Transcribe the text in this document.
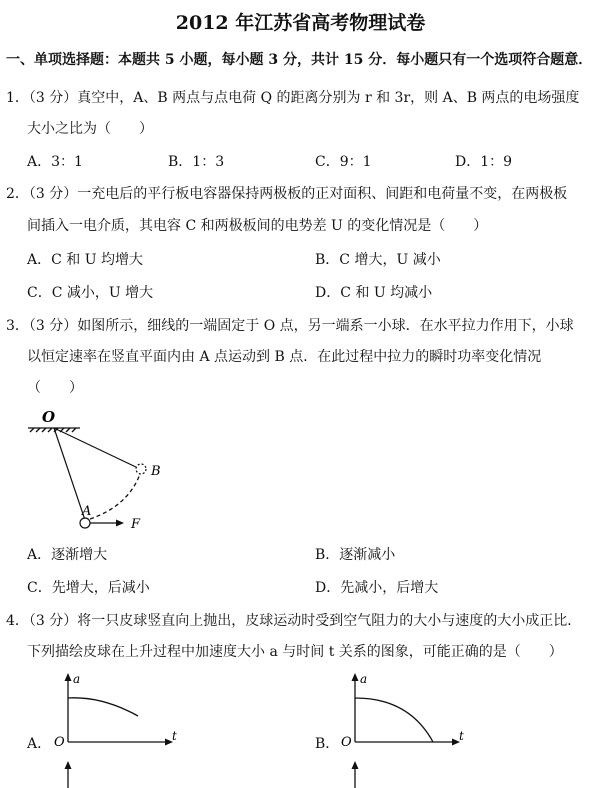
2012 年江苏省高考物理试卷
一、单项选择题：本题共 5 小题，每小题 3 分，共计 15 分．每小题只有一个选项符合题意．
1．（3 分）真空中，A、B 两点与点电荷 Q 的距离分别为 r 和 3r，则 A、B 两点的电场强度
大小之比为（　　）
A．3：1	B．1：3	C．9：1	D．1：9
2．（3 分）一充电后的平行板电容器保持两极板的正对面积、间距和电荷量不变，在两极板
间插入一电介质，其电容 C 和两极板间的电势差 U 的变化情况是（　　）
A．C 和 U 均增大	B．C 增大，U 减小
C．C 减小，U 增大	D．C 和 U 均减小
3．（3 分）如图所示，细线的一端固定于 O 点，另一端系一小球．在水平拉力作用下，小球
以恒定速率在竖直平面内由 A 点运动到 B 点．在此过程中拉力的瞬时功率变化情况
（　　）
O
A
B
F
A．逐渐增大	B．逐渐减小
C．先增大，后减小	D．先减小，后增大
4．（3 分）将一只皮球竖直向上抛出，皮球运动时受到空气阻力的大小与速度的大小成正比．
下列描绘皮球在上升过程中加速度大小 a 与时间 t 关系的图象，可能正确的是（　　）
A．
a
t
O	B．
a
t
O
